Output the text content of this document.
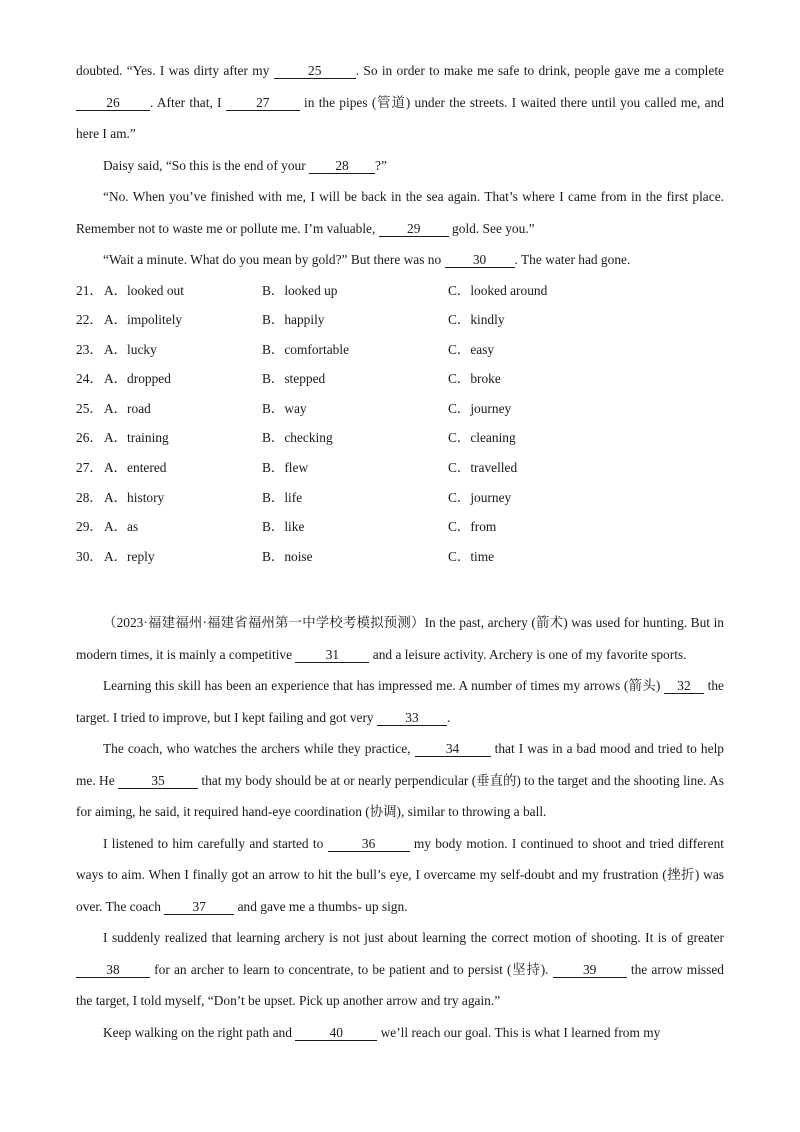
doubted. “Yes. I was dirty after my	25	. So in order to make me safe to drink, people gave me a complete 26 . After that, I 27 in the pipes (管道) under the streets. I waited there until you called me, and here I am.”

Daisy said, “So this is the end of your 28 ?”

“No. When you’ve finished with me, I will be back in the sea again. That’s where I came from in the first place. Remember not to waste me or pollute me. I’m valuable, 29 gold. See you.”

“Wait a minute. What do you mean by gold?” But there was no 30 . The water had gone.

21． A．looked out	B．looked up	C．looked around
22． A．impolitely	B．happily	C．kindly
23． A．lucky	B．comfortable	C．easy
24． A．dropped	B．stepped	C．broke
25． A．road	B．way	C．journey
26． A．training	B．checking	C．cleaning
27． A．entered	B．flew	C．travelled
28． A．history	B．life	C．journey
29． A．as	B．like	C．from
30． A．reply	B．noise	C．time

（2023·福建福州·福建省福州第一中学校考模拟预测）In the past, archery (箭术) was used for hunting. But in modern times, it is mainly a competitive 31 and a leisure activity. Archery is one of my favorite sports.

Learning this skill has been an experience that has impressed me. A number of times my arrows (箭头) 32 the target. I tried to improve, but I kept failing and got very 33 .

The coach, who watches the archers while they practice, 34 that I was in a bad mood and tried to help me. He 35 that my body should be at or nearly perpendicular (垂直的) to the target and the shooting line. As for aiming, he said, it required hand-eye coordination (协调), similar to throwing a ball.

I listened to him carefully and started to	36	my body motion. I continued to shoot and tried different ways to aim. When I finally got an arrow to hit the bull’s eye, I overcame my self-doubt and my frustration (挫折) was over. The coach 37 and gave me a thumbs- up sign.

I suddenly realized that learning archery is not just about learning the correct motion of shooting. It is of greater 38 for an archer to learn to concentrate, to be patient and to persist (坚持). 39 the arrow missed the target, I told myself, “Don’t be upset. Pick up another arrow and try again.”

Keep walking on the right path and	40	we’ll reach our goal. This is what I learned from my
